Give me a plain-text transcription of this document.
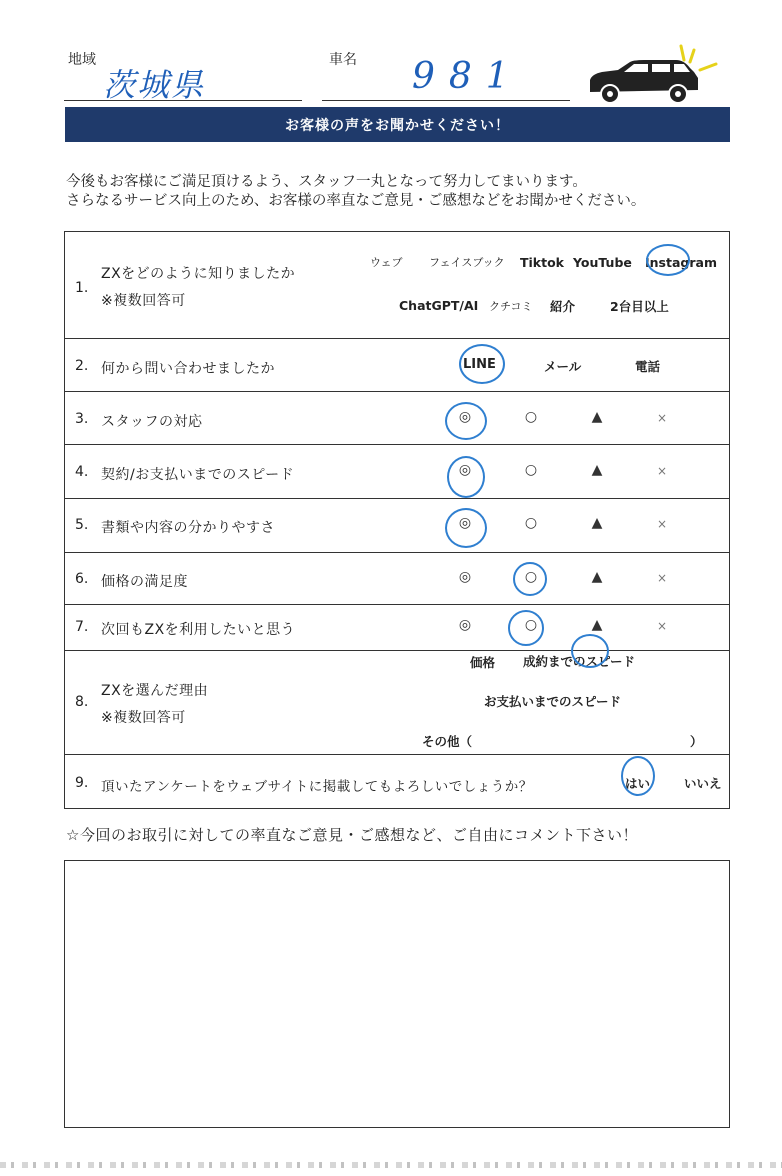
地域
茨城県
車名 981
お客様の声をお聞かせください！
今後もお客様にご満足頂けるよう、スタッフ一丸となって努力してまいります。
さらなるサービス向上のため、お客様の率直なご意見・ご感想などをお聞かせください。
1.
ZXをどのように知りましたか
※複数回答可
ウェブ フェイスブック Tiktok YouTube Instagram
ChatGPT/AI クチコミ 紹介	2台目以上
2. 何から問い合わせましたか	LINE	メール	電話
3. スタッフの対応	◎	○	▲	×
4. 契約/お支払いまでのスピード	◎	○	▲	×
5. 書類や内容の分かりやすさ	◎	○	▲	×
6. 価格の満足度	◎	○	▲	×
7. 次回もZXを利用したいと思う	◎	○	▲	×
8.
ZXを選んだ理由
※複数回答可
価格 成約までのスピード
お支払いまでのスピード
その他（	）
9. 頂いたアンケートをウェブサイトに掲載してもよろしいでしょうか？	はい	いいえ
☆今回のお取引に対しての率直なご意見・ご感想など、ご自由にコメント下さい！
